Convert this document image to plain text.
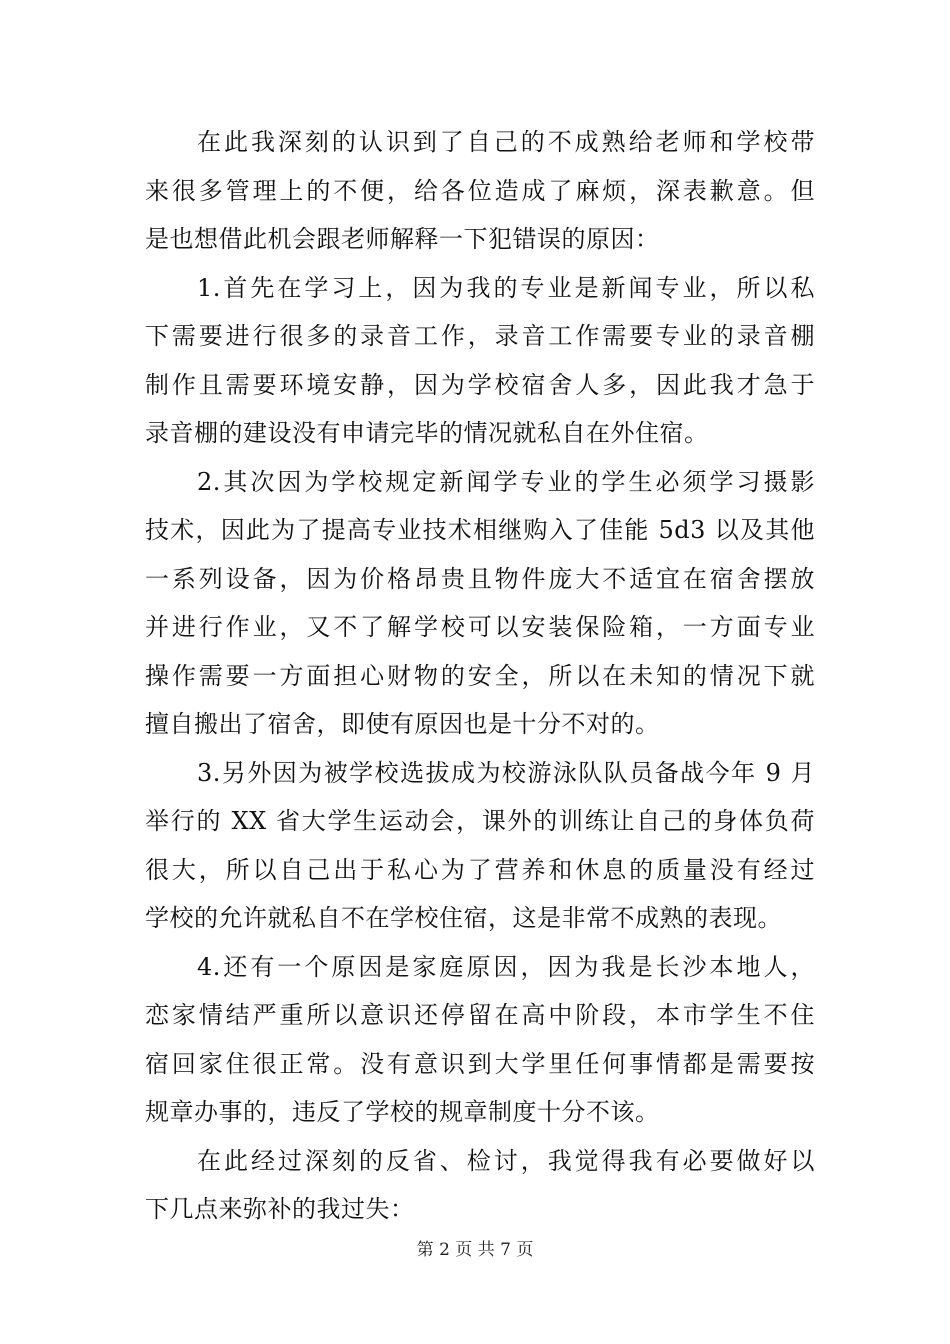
在此我深刻的认识到了自己的不成熟给老师和学校带
来很多管理上的不便，给各位造成了麻烦，深表歉意。但
是也想借此机会跟老师解释一下犯错误的原因：
1.首先在学习上，因为我的专业是新闻专业，所以私
下需要进行很多的录音工作，录音工作需要专业的录音棚
制作且需要环境安静，因为学校宿舍人多，因此我才急于
录音棚的建设没有申请完毕的情况就私自在外住宿。
2.其次因为学校规定新闻学专业的学生必须学习摄影
技术，因此为了提高专业技术相继购入了佳能 5d3 以及其他
一系列设备，因为价格昂贵且物件庞大不适宜在宿舍摆放
并进行作业，又不了解学校可以安装保险箱，一方面专业
操作需要一方面担心财物的安全，所以在未知的情况下就
擅自搬出了宿舍，即使有原因也是十分不对的。
3.另外因为被学校选拔成为校游泳队队员备战今年 9 月
举行的 XX 省大学生运动会，课外的训练让自己的身体负荷
很大，所以自己出于私心为了营养和休息的质量没有经过
学校的允许就私自不在学校住宿，这是非常不成熟的表现。
4.还有一个原因是家庭原因，因为我是长沙本地人，
恋家情结严重所以意识还停留在高中阶段，本市学生不住
宿回家住很正常。没有意识到大学里任何事情都是需要按
规章办事的，违反了学校的规章制度十分不该。
在此经过深刻的反省、检讨，我觉得我有必要做好以
下几点来弥补的我过失：
第 2 页 共 7 页
